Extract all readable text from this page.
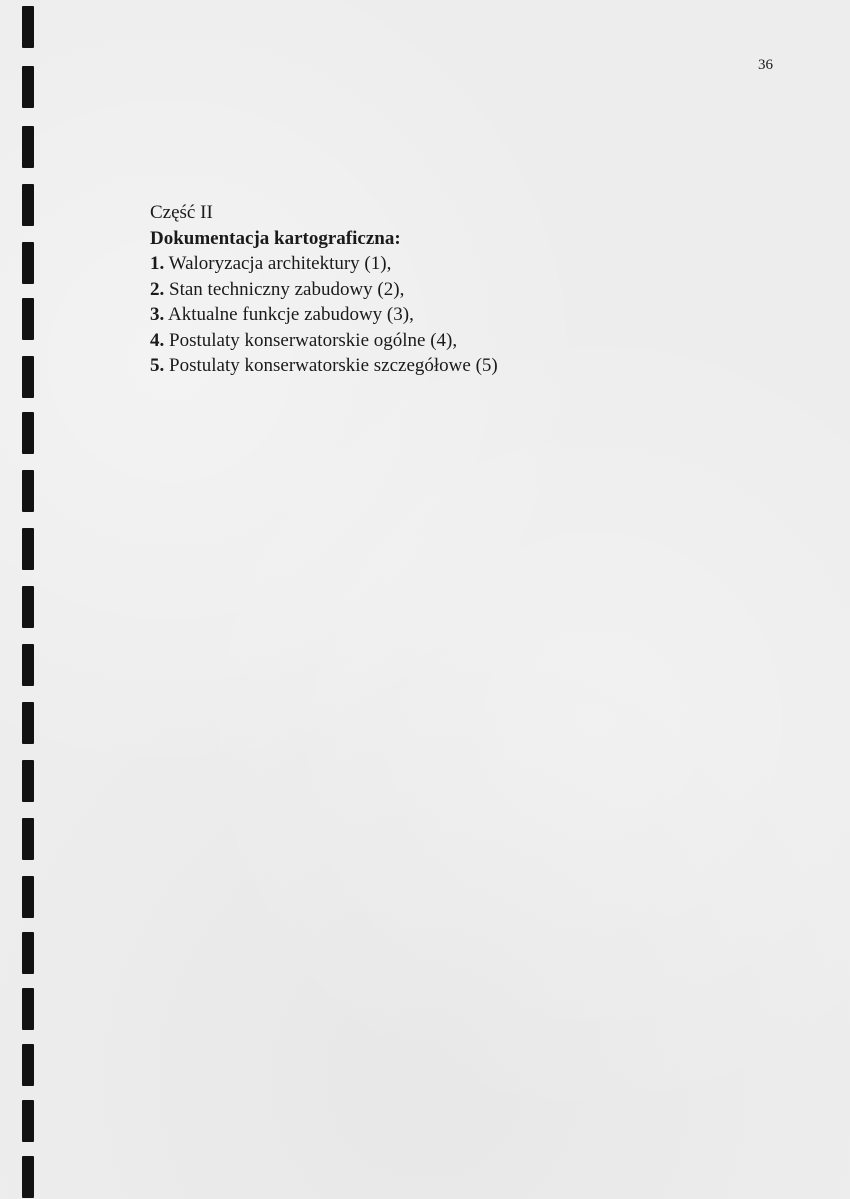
36
Część II
Dokumentacja kartograficzna:
1. Waloryzacja architektury (1),
2. Stan techniczny zabudowy (2),
3. Aktualne funkcje zabudowy (3),
4. Postulaty konserwatorskie ogólne (4),
5. Postulaty konserwatorskie szczegółowe (5)
